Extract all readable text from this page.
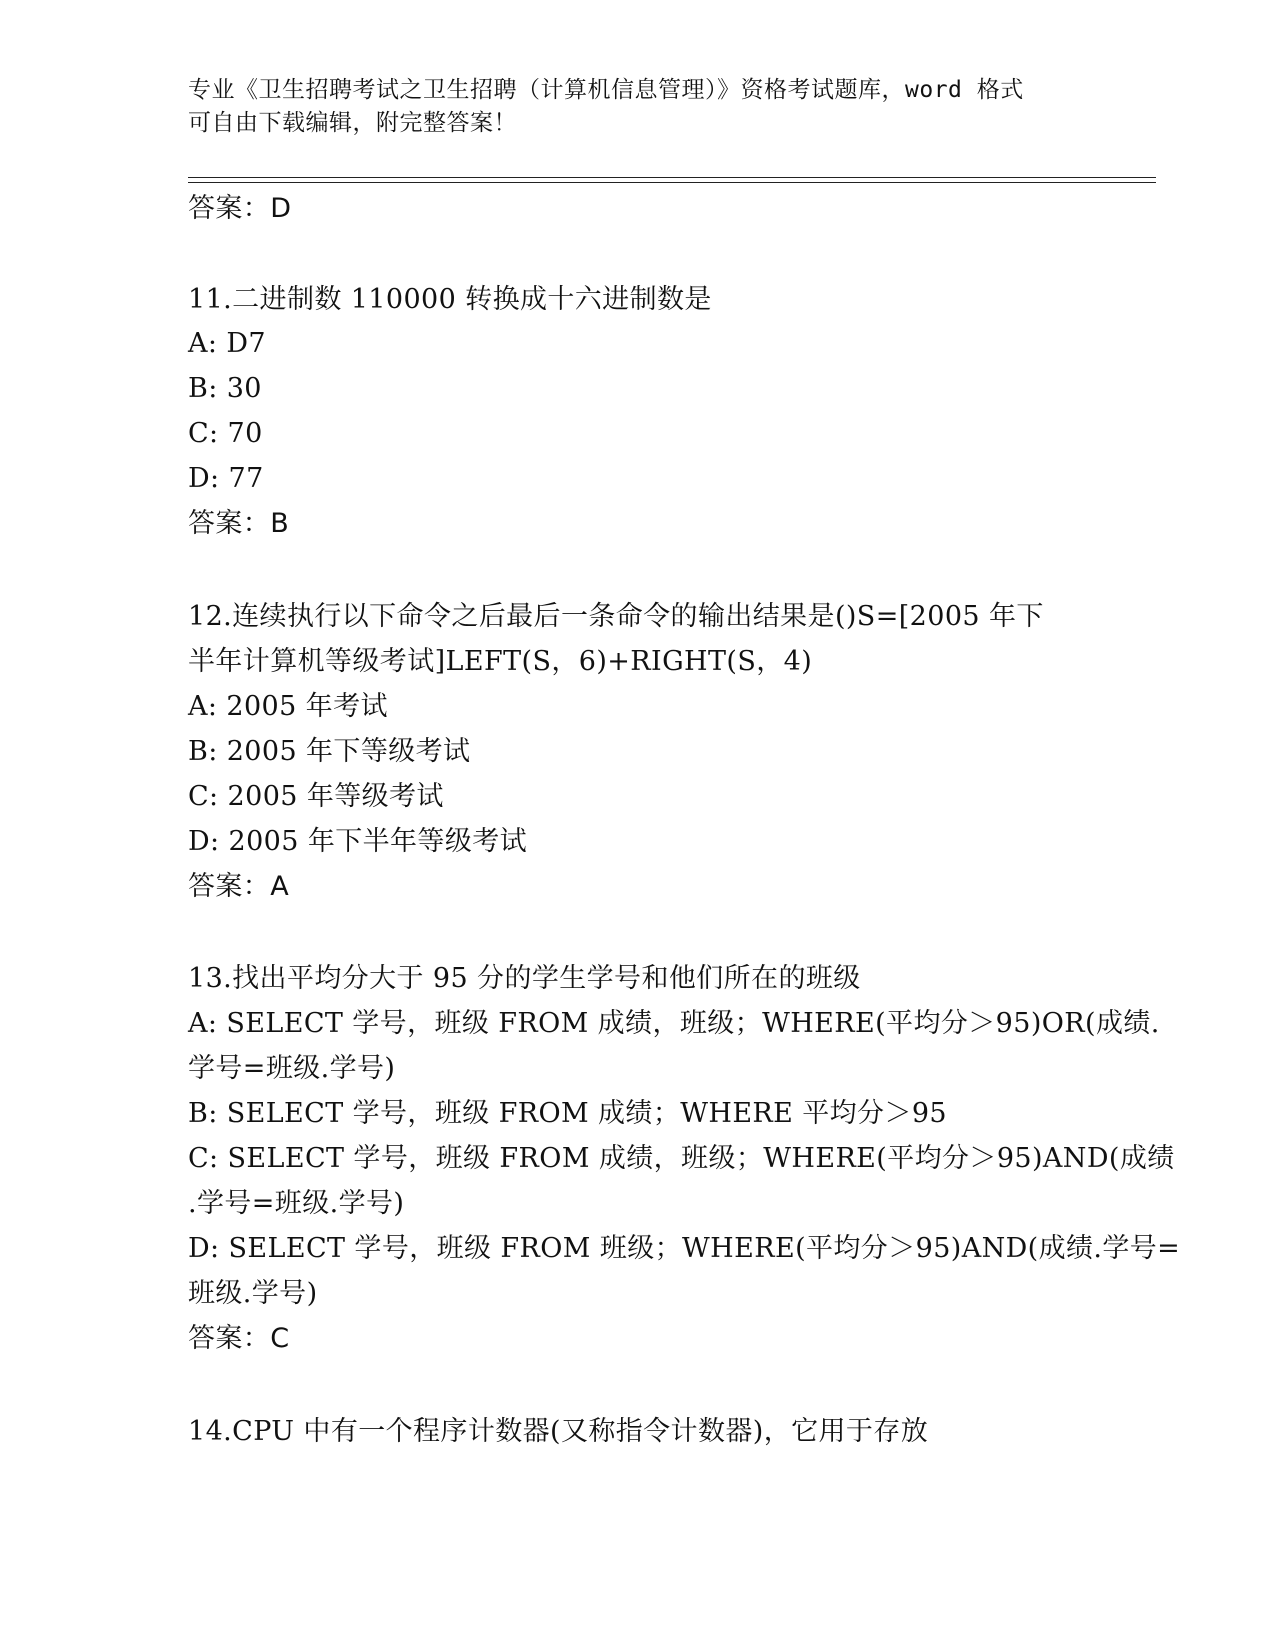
专业《卫生招聘考试之卫生招聘（计算机信息管理）》资格考试题库，word 格式
可自由下载编辑，附完整答案！
答案：D
11.二进制数 110000 转换成十六进制数是
A: D7
B: 30
C: 70
D: 77
答案：B
12.连续执行以下命令之后最后一条命令的输出结果是()S=[2005 年下
半年计算机等级考试]LEFT(S，6)+RIGHT(S，4)
A: 2005 年考试
B: 2005 年下等级考试
C: 2005 年等级考试
D: 2005 年下半年等级考试
答案：A
13.找出平均分大于 95 分的学生学号和他们所在的班级
A: SELECT 学号，班级 FROM 成绩，班级；WHERE(平均分＞95)OR(成绩.
学号=班级.学号)
B: SELECT 学号，班级 FROM 成绩；WHERE 平均分＞95
C: SELECT 学号，班级 FROM 成绩，班级；WHERE(平均分＞95)AND(成绩
.学号=班级.学号)
D: SELECT 学号，班级 FROM 班级；WHERE(平均分＞95)AND(成绩.学号=
班级.学号)
答案：C
14.CPU 中有一个程序计数器(又称指令计数器)，它用于存放
